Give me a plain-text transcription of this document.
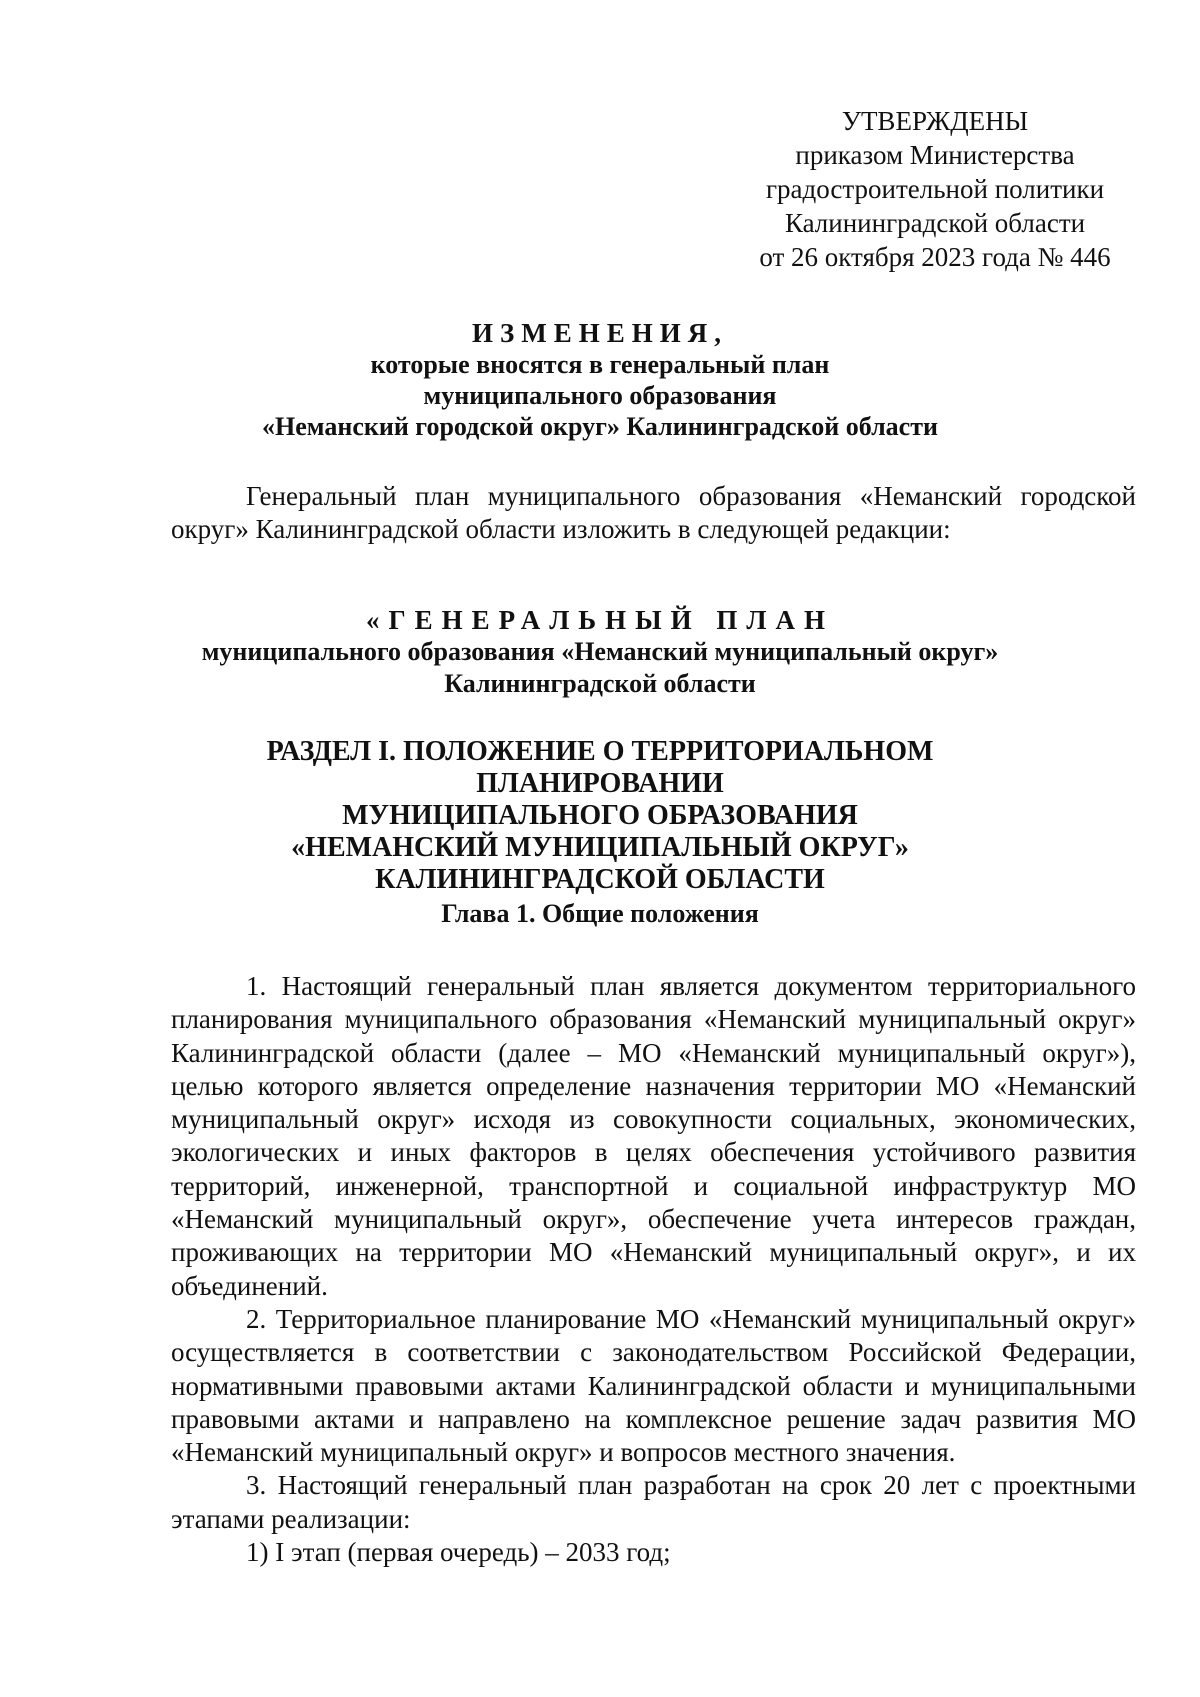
УТВЕРЖДЕНЫ
приказом Министерства
градостроительной политики
Калининградской области
от 26 октября 2023 года № 446
ИЗМЕНЕНИЯ,
которые вносятся в генеральный план
муниципального образования
«Неманский городской округ» Калининградской области
Генеральный план муниципального образования «Неманский городской округ» Калининградской области изложить в следующей редакции:
«ГЕНЕРАЛЬНЫЙ ПЛАН
муниципального образования «Неманский муниципальный округ»
Калининградской области
РАЗДЕЛ I. ПОЛОЖЕНИЕ О ТЕРРИТОРИАЛЬНОМ ПЛАНИРОВАНИИ
МУНИЦИПАЛЬНОГО ОБРАЗОВАНИЯ
«НЕМАНСКИЙ МУНИЦИПАЛЬНЫЙ ОКРУГ»
КАЛИНИНГРАДСКОЙ ОБЛАСТИ
Глава 1. Общие положения

1. Настоящий генеральный план является документом территориального планирования муниципального образования «Неманский муниципальный округ» Калининградской области (далее – МО «Неманский муниципальный округ»), целью которого является определение назначения территории МО «Неманский муниципальный округ» исходя из совокупности социальных, экономических, экологических и иных факторов в целях обеспечения устойчивого развития территорий, инженерной, транспортной и социальной инфраструктур МО «Неманский муниципальный округ», обеспечение учета интересов граждан, проживающих на территории МО «Неманский муниципальный округ», и их объединений.

2. Территориальное планирование МО «Неманский муниципальный округ» осуществляется в соответствии с законодательством Российской Федерации, нормативными правовыми актами Калининградской области и муниципальными правовыми актами и направлено на комплексное решение задач развития МО «Неманский муниципальный округ» и вопросов местного значения.

3. Настоящий генеральный план разработан на срок 20 лет с проектными этапами реализации:

1) I этап (первая очередь) – 2033 год;
